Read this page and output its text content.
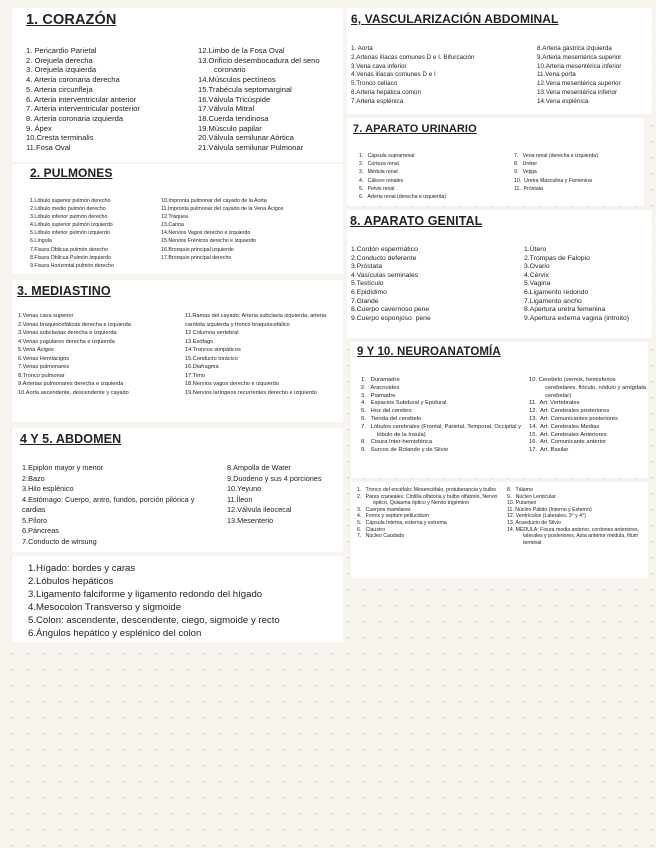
1. CORAZÓN
1. Pericardio Parietal
2. Orejuela derecha
3. Orejuela izquierda
4. Arteria coronaria derecha
5. Arteria circunfleja
6. Arteria interventricular anterior
7. Arteria interventricular posterior
8. Arteria coronaria izquierda
9. Ápex
10.Cresta terminalis
11.Fosa Oval
12.Limbo de la Fosa Oval
13.Orificio desembocadura del seno coronario
14.Músculos pectíneos
15.Trabécula septomarginal
16.Válvula Tricúspide
17.Válvula Mitral
18.Cuerda tendinosa
19.Músculo papilar
20.Válvula semilunar Aórtica
21.Válvula semilunar Pulmonar
2. PULMONES
1.Lóbulo superior pulmón derecho
2.Lóbulo medio pulmón derecho
3.Lóbulo inferior pulmón derecho
4.Lóbulo superior pulmón izquierdo
5.Lóbulo inferior pulmón izquierdo
6.Língula
7.Fisura Oblicua pulmón derecho
8.Fisura Oblicua Pulmón izquierdo
9.Fisura Horizontal pulmón derecho
10.Impronta pulmonar del cayado de la Aorta
11.Impronta pulmonar del cayado de la Vena Ácigos
12.Tráquea
13.Carina
14.Nervios Vagos derecho e izquierdo
15.Nervios Frénicos derecho e izquierdo
16.Bronquio principal izquierdo
17.Bronquio principal derecho
3. MEDIASTINO
1.Venas cava superior
2.Venas braquiocefálicas derecha e izquierda
3.Venas subclavias derecha e izquierda
4.Venas yugulares derecha e izquierda
5.Vena Ácigos
6.Venas Hemiácigos
7.Venas pulmonares
8.Tronco pulmonar
9.Arterias pulmonares derecha e izquierda
10.Aorta ascendente, descendente y cayado
11.Ramas del cayado: Arteria subclavia izquierda, arteria carótida izquierda y tronco braquiocefálico
12.Columna vertebral
13.Esófago
14.Troncos simpáticos
15.Conducto torácico
16.Diafragma
17.Timo
18.Nervios vagos derecho e izquierdo
19.Nervios laríngeos recurrentes derecho e izquierdo
4 Y 5. ABDOMEN
1.Epiplon mayor y menor
2.Bazo
3.Hilo esplénico
4.Estómago: Cuerpo, antro, fundos, porción pilórica y cardias
5.Píloro
6.Páncreas
7.Conducto de wirsung
8.Ampolla de Water
9.Duodeno y sus 4 porciones
10.Yeyuno
11.Íleon
12.Válvula ileocecal
13.Mesenterio
1.Hígado: bordes y caras
2.Lóbulos hepáticos
3.Ligamento falciforme y ligamento redondo del hígado
4.Mesocolon Transverso y sigmoide
5.Colon: ascendente, descendente, ciego, sigmoide y recto
6.Ángulos hepático y esplénico del colon
6, VASCULARIZACIÓN ABDOMINAL
1. Aorta
2.Arterias ilíacas comunes D e I. Bifurcación
3.Vena cava inferior
4.Venas ilíacas comunes D e I
5.Tronco celíaco
6.Arteria hepática común
7.Arteria esplénica
8.Arteria gástrica izquierda
9.Arteria mesentérica superior
10.Arteria mesentérica inferior
11.Vena porta
12.Vena mesentérica superior
13.Vena mesentérica inferior
14.Vena esplénica
7. APARATO URINARIO
1.   Cápsula suprarrenal
2.   Corteza renal
3.   Médula renal
4.   Cálices renales
5.   Pelvis renal
6.   Arteria renal (derecha e izquierda)
7.   Vena renal (derecha e izquierda)
8.   Uréter
9.   Vejiga
10.  Uretra Masculina y Femenina
11.  Próstata
8. APARATO GENITAL
1.Cordón espermático
2.Conducto deferente
3.Próstata
4.Vasículas seminales
5.Testículo
6.Epidídimo
7.Glande
8.Cuerpo cavernoso pene
9.Cuerpo esponjoso  pene
1.Útero
2.Trompas de Falopio
3.Ovario
4.Cérvix
5.Vagina
6.Ligamento redondo
7.Ligamento ancho
8.Apertura uretra femenina
9.Apertura externa vagina (introito)
9 Y 10. NEUROANATOMÍA
1.   Duramadre
2.   Aracnoides
3.   Piamadre
4.   Espacios Subdural y Epidural
5.   Hoz del cerebro
6.   Tienda del cerebelo
7.   Lóbulos cerebrales (Frontal, Parietal, Temporal, Occipital y lóbulo de la ínsula)
8.   Cisura Inter-hemisférica
9.   Surcos de Rolando y de Silvio
10. Cerebelo (vermix, hemisferios cerebelares, flóculo, nódulo y amígdala cerebelar)
11.  Art. Vertebrales
12.  Art. Cerebrales posteriores
13.  Art. Comunicantes posteriores
14.  Art. Cerebrales Medias
15.  Art. Cerebrales Anteriores
16.  Art. Comunicante anterior
17.  Art. Basilar
1.   Tronco del encéfalo: Mesencéfalo, protuberancia y bulbo
2.   Pares craneales: Cintilla olfatoria y bulbo olfatorio, Nervio óptico, Quiasma óptico y Nervio trigémino
3.   Cuerpos mamilares
4.   Fornix y septum pellucidum
5.   Cápsula Interna, externa y extrema
6.   Claustro
7.   Núcleo Caudado
8.   Tálamo
9.   Núcleo Lenticular
10. Putamen
11. Núcleo Pálido (Interno y Externo)
12. Ventrículos (Laterales, 3° y 4°)
13. Acueducto de Silvio
14. MÉDULA: Fisura media anterior, cordones anteriores, laterales y posteriores, Asta anterior médula, filum terminal
